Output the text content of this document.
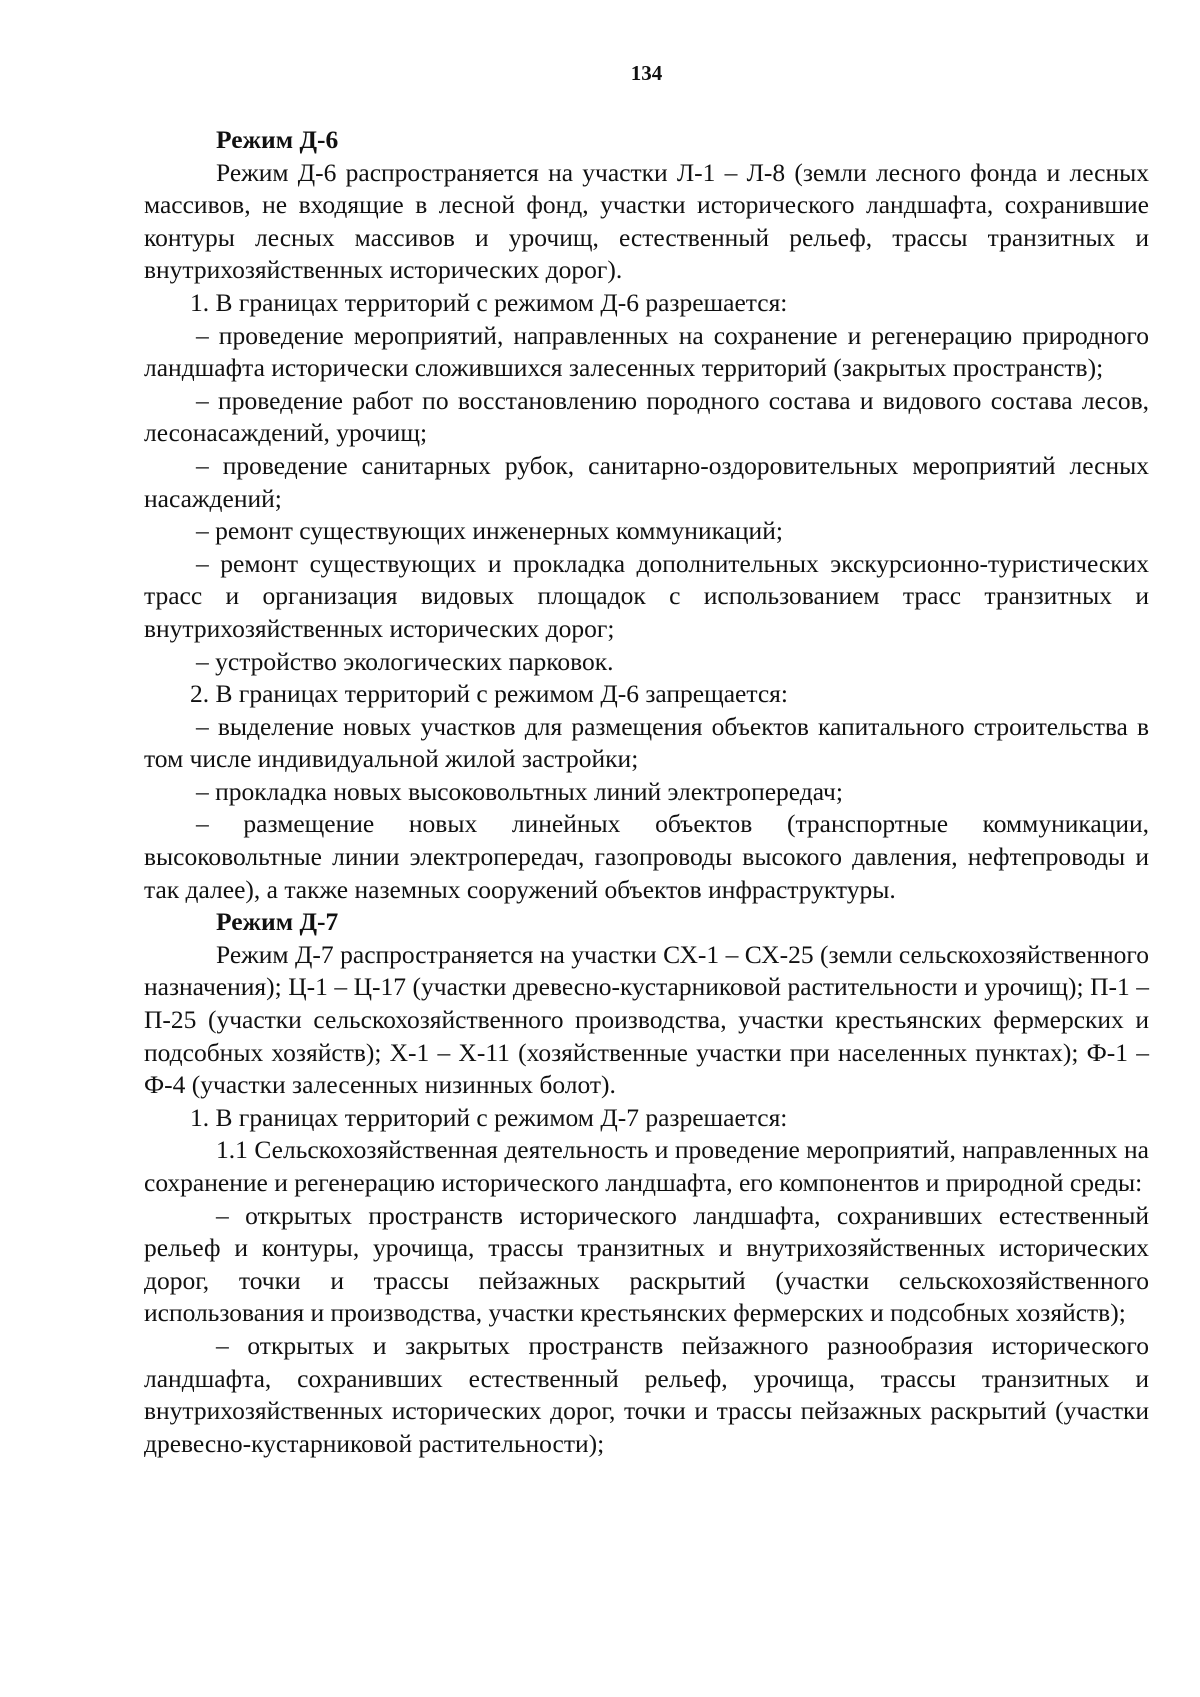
134

Режим Д-6

Режим Д-6 распространяется на участки Л-1 – Л-8 (земли лесного фонда и лесных массивов, не входящие в лесной фонд, участки исторического ландшафта, сохранившие контуры лесных массивов и урочищ, естественный рельеф, трассы транзитных и внутрихозяйственных исторических дорог).

1. В границах территорий с режимом Д-6 разрешается:

– проведение мероприятий, направленных на сохранение и регенерацию природного ландшафта исторически сложившихся залесенных территорий (закрытых пространств);

– проведение работ по восстановлению породного состава и видового состава лесов, лесонасаждений, урочищ;

– проведение санитарных рубок, санитарно-оздоровительных мероприятий лесных насаждений;

– ремонт существующих инженерных коммуникаций;

– ремонт существующих и прокладка дополнительных экскурсионно-туристических трасс и организация видовых площадок с использованием трасс транзитных и внутрихозяйственных исторических дорог;

– устройство экологических парковок.

2. В границах территорий с режимом Д-6 запрещается:

– выделение новых участков для размещения объектов капитального строительства в том числе индивидуальной жилой застройки;

– прокладка новых высоковольтных линий электропередач;

– размещение новых линейных объектов (транспортные коммуникации, высоковольтные линии электропередач, газопроводы высокого давления, нефтепроводы и так далее), а также наземных сооружений объектов инфраструктуры.

Режим Д-7

Режим Д-7 распространяется на участки СХ-1 – СХ-25 (земли сельскохозяйственного назначения); Ц-1 – Ц-17 (участки древесно-кустарниковой растительности и урочищ); П-1 – П-25 (участки сельскохозяйственного производства, участки крестьянских фермерских и подсобных хозяйств); Х-1 – Х-11 (хозяйственные участки при населенных пунктах); Ф-1 – Ф-4 (участки залесенных низинных болот).

1. В границах территорий с режимом Д-7 разрешается:

1.1 Сельскохозяйственная деятельность и проведение мероприятий, направленных на сохранение и регенерацию исторического ландшафта, его компонентов и природной среды:

– открытых пространств исторического ландшафта, сохранивших естественный рельеф и контуры, урочища, трассы транзитных и внутрихозяйственных исторических дорог, точки и трассы пейзажных раскрытий (участки сельскохозяйственного использования и производства, участки крестьянских фермерских и подсобных хозяйств);

– открытых и закрытых пространств пейзажного разнообразия исторического ландшафта, сохранивших естественный рельеф, урочища, трассы транзитных и внутрихозяйственных исторических дорог, точки и трассы пейзажных раскрытий (участки древесно-кустарниковой растительности);
